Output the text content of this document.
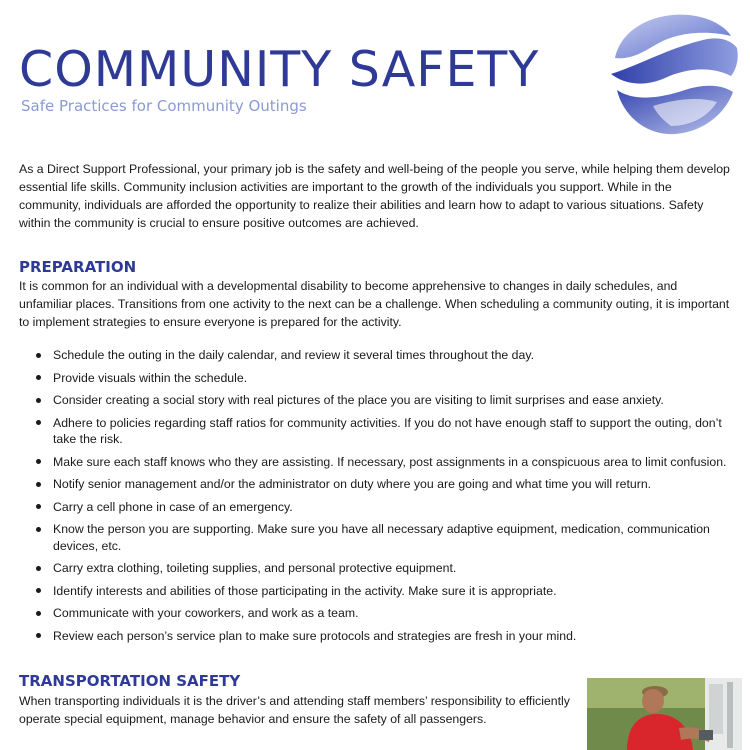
COMMUNITY SAFETY
Safe Practices for Community Outings

As a Direct Support Professional, your primary job is the safety and well-being of the people you serve, while helping them develop essential life skills. Community inclusion activities are important to the growth of the individuals you support. While in the community, individuals are afforded the opportunity to realize their abilities and learn how to adapt to various situations. Safety within the community is crucial to ensure positive outcomes are achieved.

PREPARATION

It is common for an individual with a developmental disability to become apprehensive to changes in daily schedules, and unfamiliar places. Transitions from one activity to the next can be a challenge. When scheduling a community outing, it is important to implement strategies to ensure everyone is prepared for the activity.

Schedule the outing in the daily calendar, and review it several times throughout the day.
Provide visuals within the schedule.
Consider creating a social story with real pictures of the place you are visiting to limit surprises and ease anxiety.
Adhere to policies regarding staff ratios for community activities. If you do not have enough staff to support the outing, don’t take the risk.
Make sure each staff knows who they are assisting. If necessary, post assignments in a conspicuous area to limit confusion.
Notify senior management and/or the administrator on duty where you are going and what time you will return.
Carry a cell phone in case of an emergency.
Know the person you are supporting. Make sure you have all necessary adaptive equipment, medication, communication devices, etc.
Carry extra clothing, toileting supplies, and personal protective equipment.
Identify interests and abilities of those participating in the activity. Make sure it is appropriate.
Communicate with your coworkers, and work as a team.
Review each person’s service plan to make sure protocols and strategies are fresh in your mind.
TRANSPORTATION SAFETY

When transporting individuals it is the driver’s and attending staff members’ responsibility to efficiently operate special equipment, manage behavior and ensure the safety of all passengers.
